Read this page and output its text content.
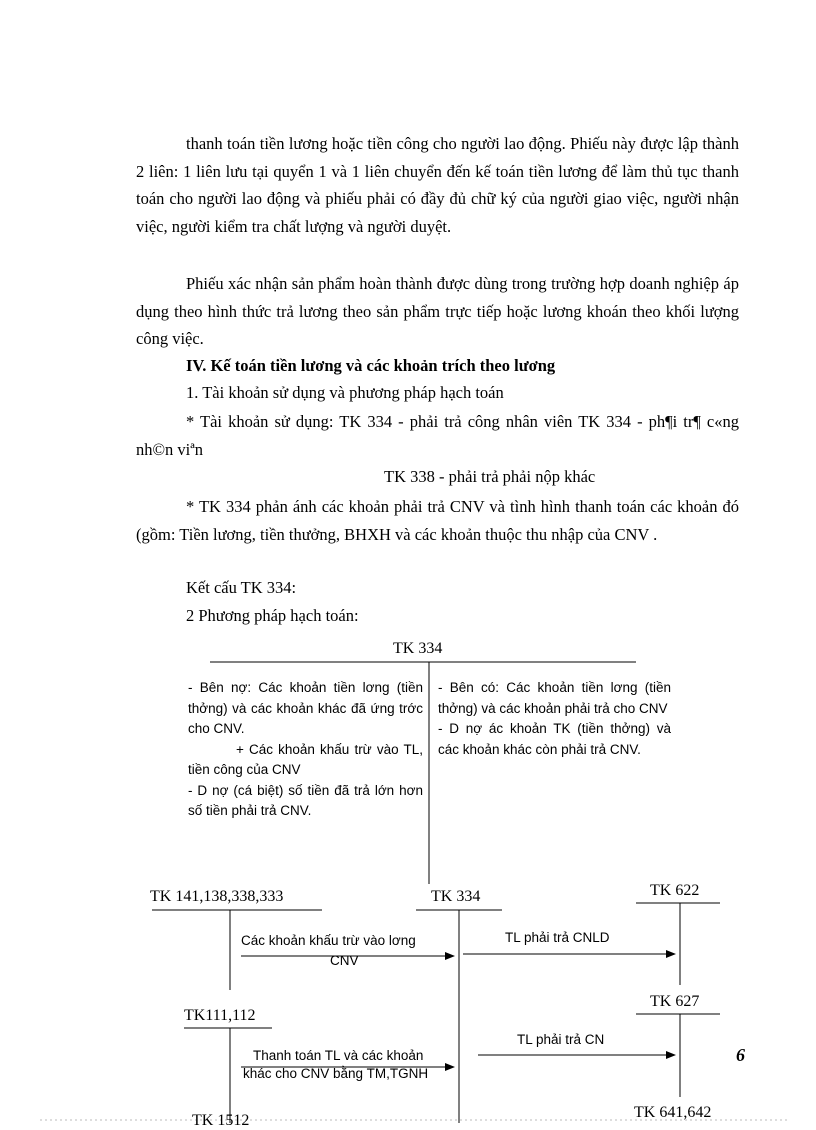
thanh toán tiền lương hoặc tiền công cho người lao động. Phiếu này được lập thành 2 liên: 1 liên lưu tại quyển 1 và 1 liên chuyển đến kế toán tiền lương để làm thủ tục thanh toán cho người lao động và phiếu phải có đầy đủ chữ ký của người giao việc, người nhận việc, người kiểm tra chất lượng và người duyệt.

Phiếu xác nhận sản phẩm hoàn thành được dùng trong trường hợp doanh nghiệp áp dụng theo hình thức trả lương theo sản phẩm trực tiếp hoặc lương khoán theo khối lượng công việc.

IV. Kế toán tiền lương và các khoản trích theo lương
1. Tài khoản sử dụng và phương pháp hạch toán

* Tài khoản sử dụng: TK 334 - phải trả công nhân viên TK 334 - ph¶i tr¶ c«ng nh©n viªn

TK 338 - phải trả phải nộp khác

* TK 334 phản ánh các khoản phải trả CNV và tình hình thanh toán các khoản đó (gồm: Tiền lương, tiền thưởng, BHXH và các khoản thuộc thu nhập của CNV .

Kết cấu TK 334:
2 Phương pháp hạch toán:
TK 334
- Bên nợ: Các khoản tiền lơng (tiền thởng) và các khoản khác đã ứng trớc cho CNV.
+ Các khoản khấu trừ vào TL, tiền công của CNV
- D nợ (cá biệt) số tiền đã trả lớn hơn số tiền phải trả CNV.
- Bên có: Các khoản tiền lơng (tiền thởng) và các khoản phải trả cho CNV
- D nợ ác khoản TK (tiền thởng) và các khoản khác còn phải trả CNV.
TK 141,138,338,333	TK 334	TK 622
TK 627
TK111,112
TK 641,642
TK 1512
Các khoản khấu trừ vào lơng
CNV
TL phải trả CNLD
TL phải trả CN
Thanh toán TL và các khoản
khác cho CNV bằng TM,TGNH
6
